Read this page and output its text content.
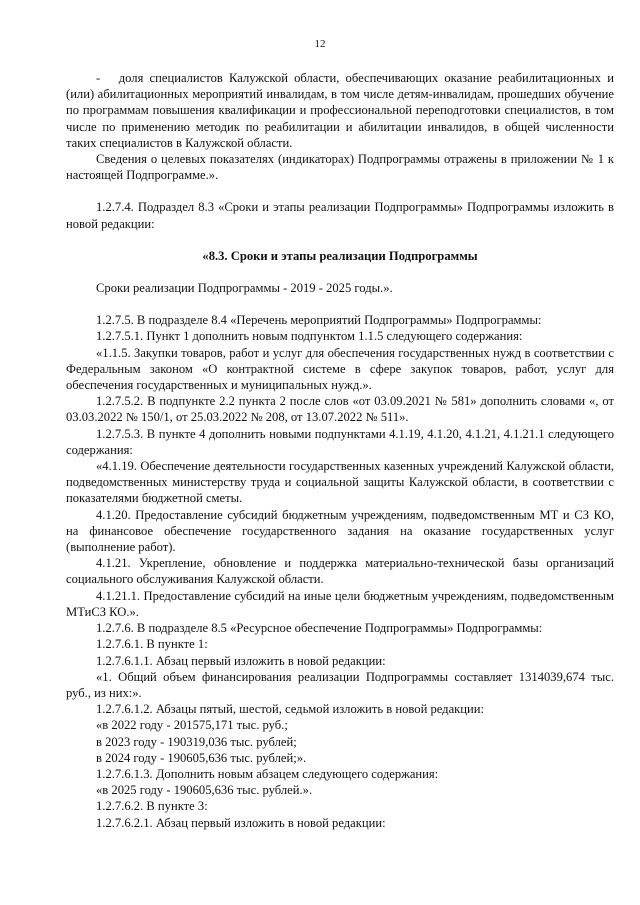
12

-   доля специалистов Калужской области, обеспечивающих оказание реабилитационных и (или) абилитационных мероприятий инвалидам, в том числе детям-инвалидам, прошедших обучение по программам повышения квалификации и профессиональной переподготовки специалистов, в том числе по применению методик по реабилитации и абилитации инвалидов, в общей численности таких специалистов в Калужской области.

Сведения о целевых показателях (индикаторах) Подпрограммы отражены в приложении № 1 к настоящей Подпрограмме.».

1.2.7.4. Подраздел 8.3 «Сроки и этапы реализации Подпрограммы» Подпрограммы изложить в новой редакции:

«8.3. Сроки и этапы реализации Подпрограммы

Сроки реализации Подпрограммы - 2019 - 2025 годы.».

1.2.7.5. В подразделе 8.4 «Перечень мероприятий Подпрограммы» Подпрограммы:

1.2.7.5.1. Пункт 1 дополнить новым подпунктом 1.1.5 следующего содержания:

«1.1.5. Закупки товаров, работ и услуг для обеспечения государственных нужд в соответствии с Федеральным законом «О контрактной системе в сфере закупок товаров, работ, услуг для обеспечения государственных и муниципальных нужд.».

1.2.7.5.2. В подпункте 2.2 пункта 2 после слов «от 03.09.2021 № 581» дополнить словами «, от 03.03.2022 № 150/1, от 25.03.2022 № 208, от 13.07.2022 № 511».

1.2.7.5.3. В пункте 4 дополнить новыми подпунктами 4.1.19, 4.1.20, 4.1.21, 4.1.21.1 следующего содержания:

«4.1.19. Обеспечение деятельности государственных казенных учреждений Калужской области, подведомственных министерству труда и социальной защиты Калужской области, в соответствии с показателями бюджетной сметы.

4.1.20. Предоставление субсидий бюджетным учреждениям, подведомственным МТ и СЗ КО, на финансовое обеспечение государственного задания на оказание государственных услуг (выполнение работ).

4.1.21. Укрепление, обновление и поддержка материально-технической базы организаций социального обслуживания Калужской области.

4.1.21.1. Предоставление субсидий на иные цели бюджетным учреждениям, подведомственным МТиСЗ КО.».

1.2.7.6. В подразделе 8.5 «Ресурсное обеспечение Подпрограммы» Подпрограммы:

1.2.7.6.1. В пункте 1:

1.2.7.6.1.1. Абзац первый изложить в новой редакции:

«1. Общий объем финансирования реализации Подпрограммы составляет 1314039,674 тыс. руб., из них:».

1.2.7.6.1.2. Абзацы пятый, шестой, седьмой изложить в новой редакции:

«в 2022 году - 201575,171 тыс. руб.;

в 2023 году - 190319,036 тыс. рублей;

в 2024 году - 190605,636 тыс. рублей;».

1.2.7.6.1.3. Дополнить новым абзацем следующего содержания:

«в 2025 году - 190605,636 тыс. рублей.».

1.2.7.6.2. В пункте 3:

1.2.7.6.2.1. Абзац первый изложить в новой редакции:
